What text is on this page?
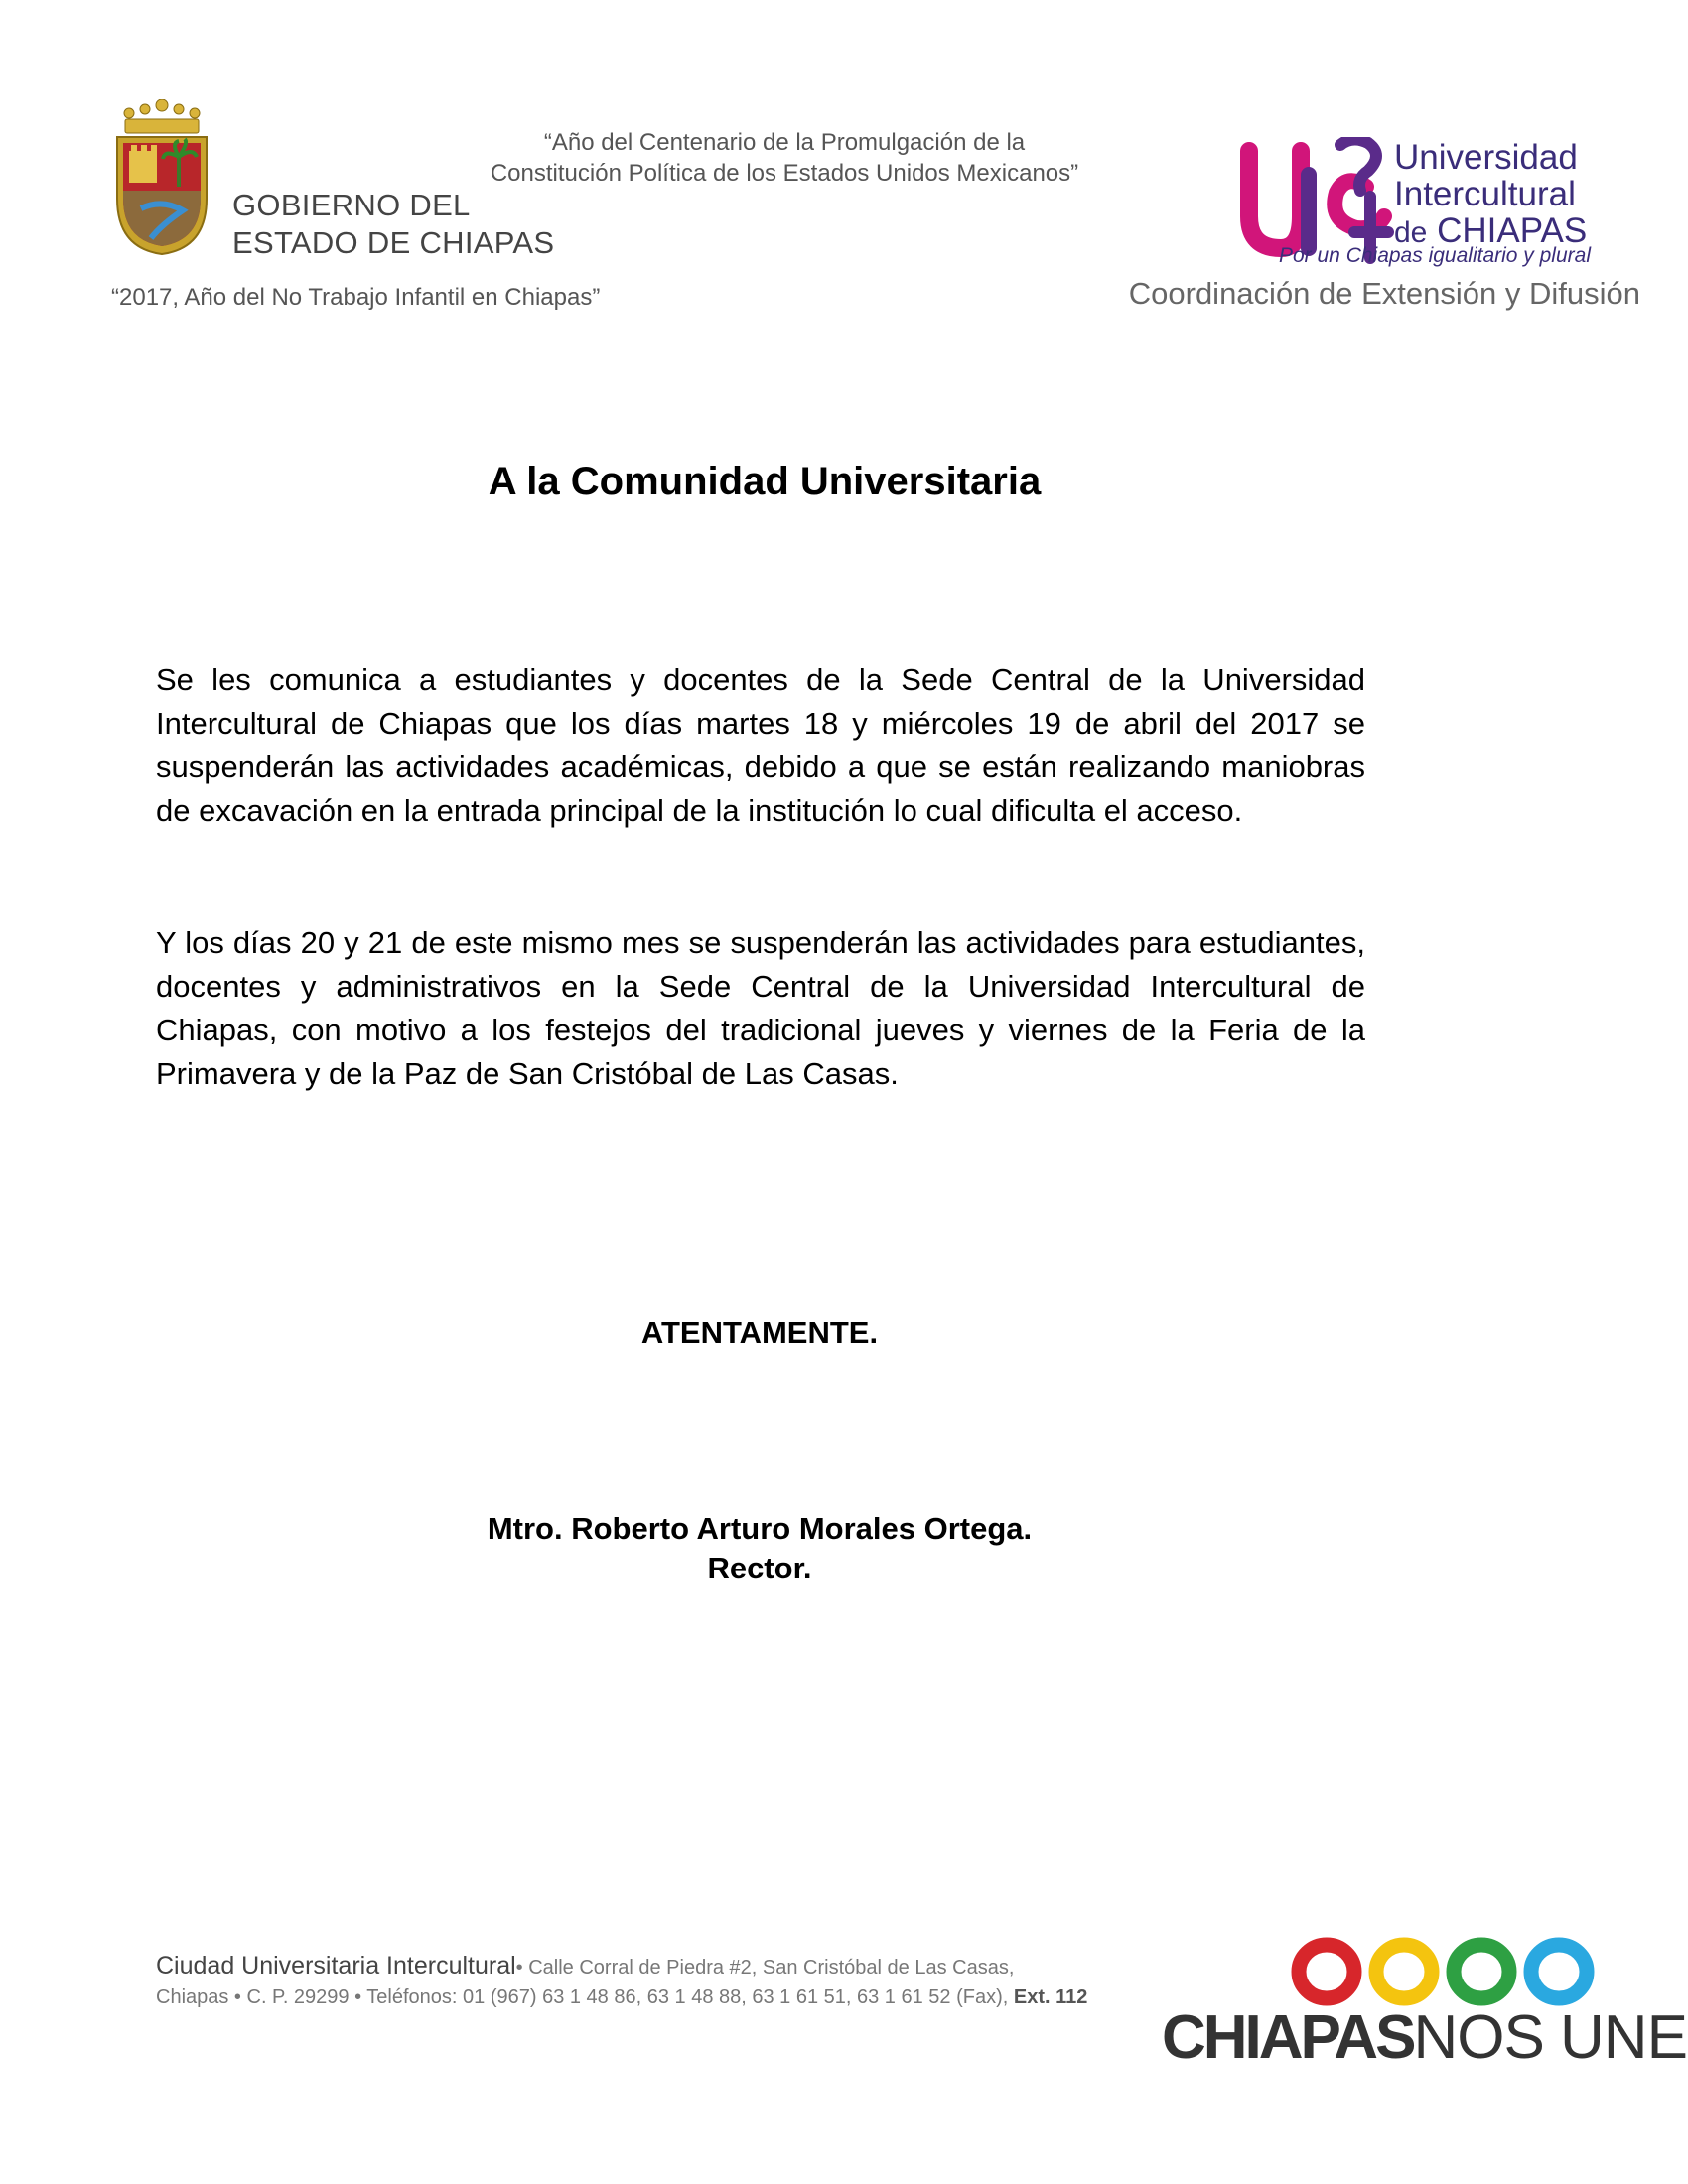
GOBIERNO DEL
ESTADO DE CHIAPAS
“Año del Centenario de la Promulgación de la
Constitución Política de los Estados Unidos Mexicanos”
“2017, Año del No Trabajo Infantil en Chiapas”
Universidad
Intercultural
de CHIAPAS
Por un Chiapas igualitario y plural
Coordinación de Extensión y Difusión
A la Comunidad Universitaria

Se les comunica a estudiantes y docentes de la Sede Central de la Universidad Intercultural de Chiapas que los días martes 18 y miércoles 19 de abril del 2017 se suspenderán las actividades académicas, debido a que se están realizando maniobras de excavación en la entrada principal de la institución lo cual dificulta el acceso.

Y los días 20 y 21 de este mismo mes se suspenderán las actividades para estudiantes, docentes y administrativos en la Sede Central de la Universidad Intercultural de Chiapas, con motivo a los festejos del tradicional jueves y viernes de la Feria de la Primavera y de la Paz de San Cristóbal de Las Casas.

ATENTAMENTE.
Mtro. Roberto Arturo Morales Ortega.
Rector.
Ciudad Universitaria Intercultural• Calle Corral de Piedra #2, San Cristóbal de Las Casas, Chiapas • C. P. 29299 • Teléfonos: 01 (967) 63 1 48 86, 63 1 48 88, 63 1 61 51, 63 1 61 52 (Fax), Ext. 112
CHIAPASNOS UNE
